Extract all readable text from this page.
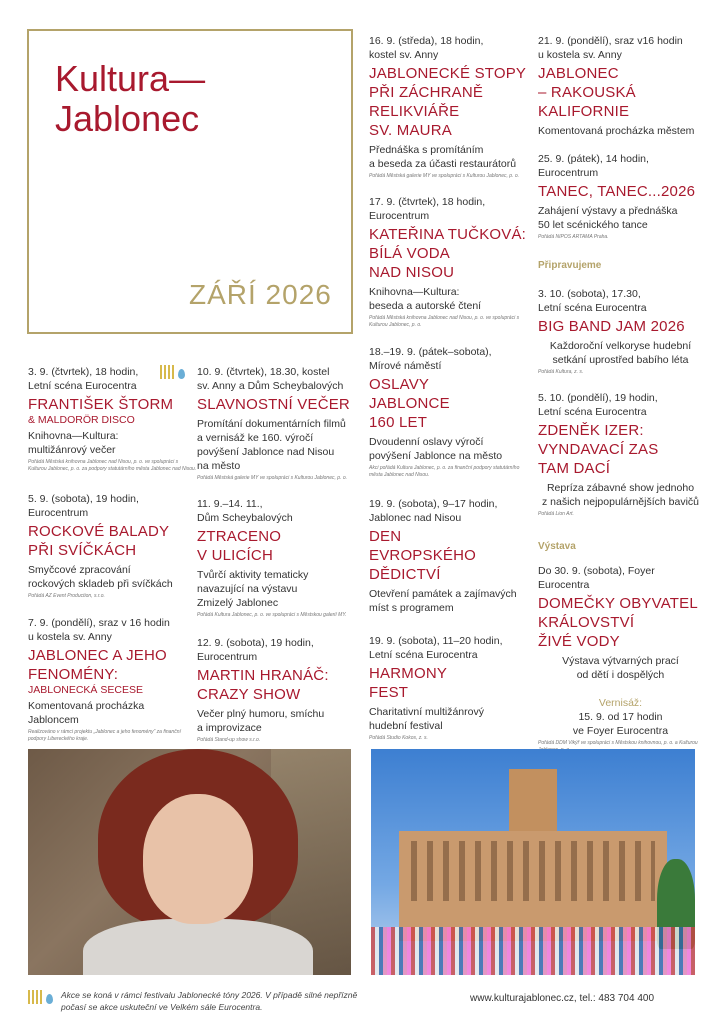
Kultura—
Jablonec
ZÁŘÍ 2026
3. 9. (čtvrtek), 18 hodin,
Letní scéna Eurocentra
FRANTIŠEK ŠTORM
& MALDORÖR DISCO
Knihovna—Kultura:
multižánrový večer
Pořádá Městská knihovna Jablonec nad Nisou, p. o. ve spolupráci s Kulturou Jablonec, p. o. za podpory statutárního města Jablonec nad Nisou.
5. 9. (sobota), 19 hodin,
Eurocentrum
ROCKOVÉ BALADY
PŘI SVÍČKÁCH
Smyčcové zpracování
rockových skladeb při svíčkách
Pořádá AZ Event Production, s.r.o.
7. 9. (pondělí), sraz v 16 hodin
u kostela sv. Anny
JABLONEC A JEHO
FENOMÉNY:
JABLONECKÁ SECESE
Komentovaná procházka
Jabloncem
Realizováno v rámci projektu „Jablonec a jeho fenomény“ za finanční podpory Libereckého kraje.
10. 9. (čtvrtek), 18.30, kostel
sv. Anny a Dům Scheybalových
SLAVNOSTNÍ VEČER
Promítání dokumentárních filmů
a vernisáž ke 160. výročí
povýšení Jablonce nad Nisou
na město
Pořádá Městská galerie MY ve spolupráci s Kulturou Jablonec, p. o.
11. 9.–14. 11.,
Dům Scheybalových
ZTRACENO
V ULICÍCH
Tvůrčí aktivity tematicky
navazující na výstavu
Zmizelý Jablonec
Pořádá Kultura Jablonec, p. o. ve spolupráci s Městskou galerií MY.
12. 9. (sobota), 19 hodin,
Eurocentrum
MARTIN HRANÁČ:
CRAZY SHOW
Večer plný humoru, smíchu
a improvizace
Pořádá Stand-up show s.r.o.
16. 9. (středa), 18 hodin,
kostel sv. Anny
JABLONECKÉ STOPY
PŘI ZÁCHRANĚ
RELIKVIÁŘE
SV. MAURA
Přednáška s promítáním
a beseda za účasti restaurátorů
Pořádá Městská galerie MY ve spolupráci s Kulturou Jablonec, p. o.
17. 9. (čtvrtek), 18 hodin,
Eurocentrum
KATEŘINA TUČKOVÁ:
BÍLÁ VODA
NAD NISOU
Knihovna—Kultura:
beseda a autorské čtení
Pořádá Městská knihovna Jablonec nad Nisou, p. o. ve spolupráci s Kulturou Jablonec, p. o.
18.–19. 9. (pátek–sobota),
Mírové náměstí
OSLAVY
JABLONCE
160 LET
Dvoudenní oslavy výročí
povýšení Jablonce na město
Akci pořádá Kultura Jablonec, p. o. za finanční podpory statutárního města Jablonec nad Nisou.
19. 9. (sobota), 9–17 hodin,
Jablonec nad Nisou
DEN
EVROPSKÉHO
DĚDICTVÍ
Otevření památek a zajímavých
míst s programem
19. 9. (sobota), 11–20 hodin,
Letní scéna Eurocentra
HARMONY
FEST
Charitativní multižánrový
hudební festival
Pořádá Studio Kokos, z. s.
21. 9. (pondělí), sraz v16 hodin
u kostela sv. Anny
JABLONEC
– RAKOUSKÁ
KALIFORNIE
Komentovaná procházka městem
25. 9. (pátek), 14 hodin,
Eurocentrum
TANEC, TANEC...2026
Zahájení výstavy a přednáška
50 let scénického tance
Pořádá NIPOS ARTAMA Praha.
Připravujeme
3. 10. (sobota), 17.30,
Letní scéna Eurocentra
BIG BAND JAM 2026
Každoroční velkoryse hudební
setkání uprostřed babího léta
Pořádá Kultura, z. s.
5. 10. (pondělí), 19 hodin,
Letní scéna Eurocentra
ZDENĚK IZER:
VYNDAVACÍ ZAS
TAM DACÍ
Repríza zábavné show jednoho
z našich nejpopulárnějších bavičů
Pořádá Lion Art.
Výstava
Do 30. 9. (sobota), Foyer
Eurocentra
DOMEČKY OBYVATEL
KRÁLOVSTVÍ
ŽIVÉ VODY
Výstava výtvarných prací
od dětí i dospělých

Vernisáž:
15. 9. od 17 hodin
ve Foyer Eurocentra

Pořádá DDM Vikýř ve spolupráci s Městskou knihovnou, p. o. a Kulturou
Akce se koná v rámci festivalu Jablonecké tóny 2026. V případě silné nepřízně počasí se akce uskuteční ve Velkém sále Eurocentra.
www.kulturajablonec.cz, tel.: 483 704 400
